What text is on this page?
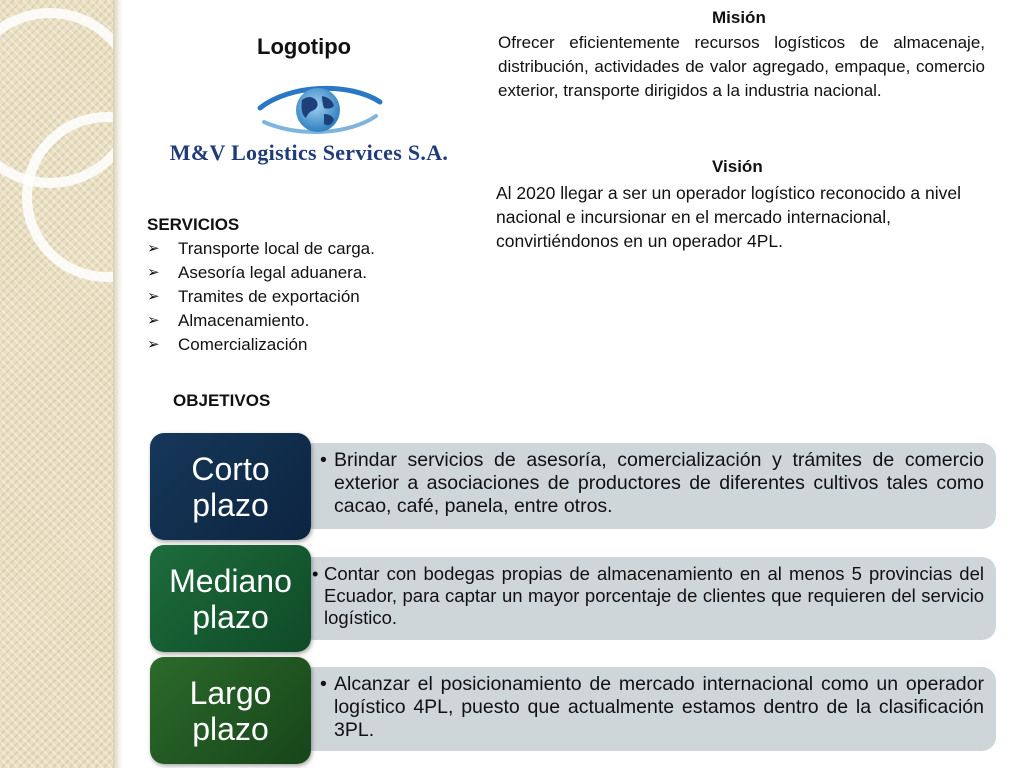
Logotipo
M&V Logistics Services S.A.
Misión

Ofrecer eficientemente recursos logísticos de almacenaje, distribución, actividades de valor agregado, empaque, comercio exterior, transporte dirigidos a la industria nacional.

Visión

Al 2020 llegar a ser un operador logístico reconocido a nivel nacional e incursionar en el mercado internacional, convirtiéndonos en un operador 4PL.

SERVICIOS
➢ Transporte local de carga.
➢ Asesoría legal aduanera.
➢ Tramites de exportación
➢ Almacenamiento.
➢ Comercialización
OBJETIVOS
Corto
plazo
• Brindar servicios de asesoría, comercialización y trámites de comercio exterior a asociaciones de productores de diferentes cultivos tales como cacao, café, panela, entre otros.
Mediano
plazo
• Contar con bodegas propias de almacenamiento en al menos 5 provincias del Ecuador, para captar un mayor porcentaje de clientes que requieren del servicio logístico.
Largo
plazo
• Alcanzar el posicionamiento de mercado internacional como un operador logístico 4PL, puesto que actualmente estamos dentro de la clasificación 3PL.
